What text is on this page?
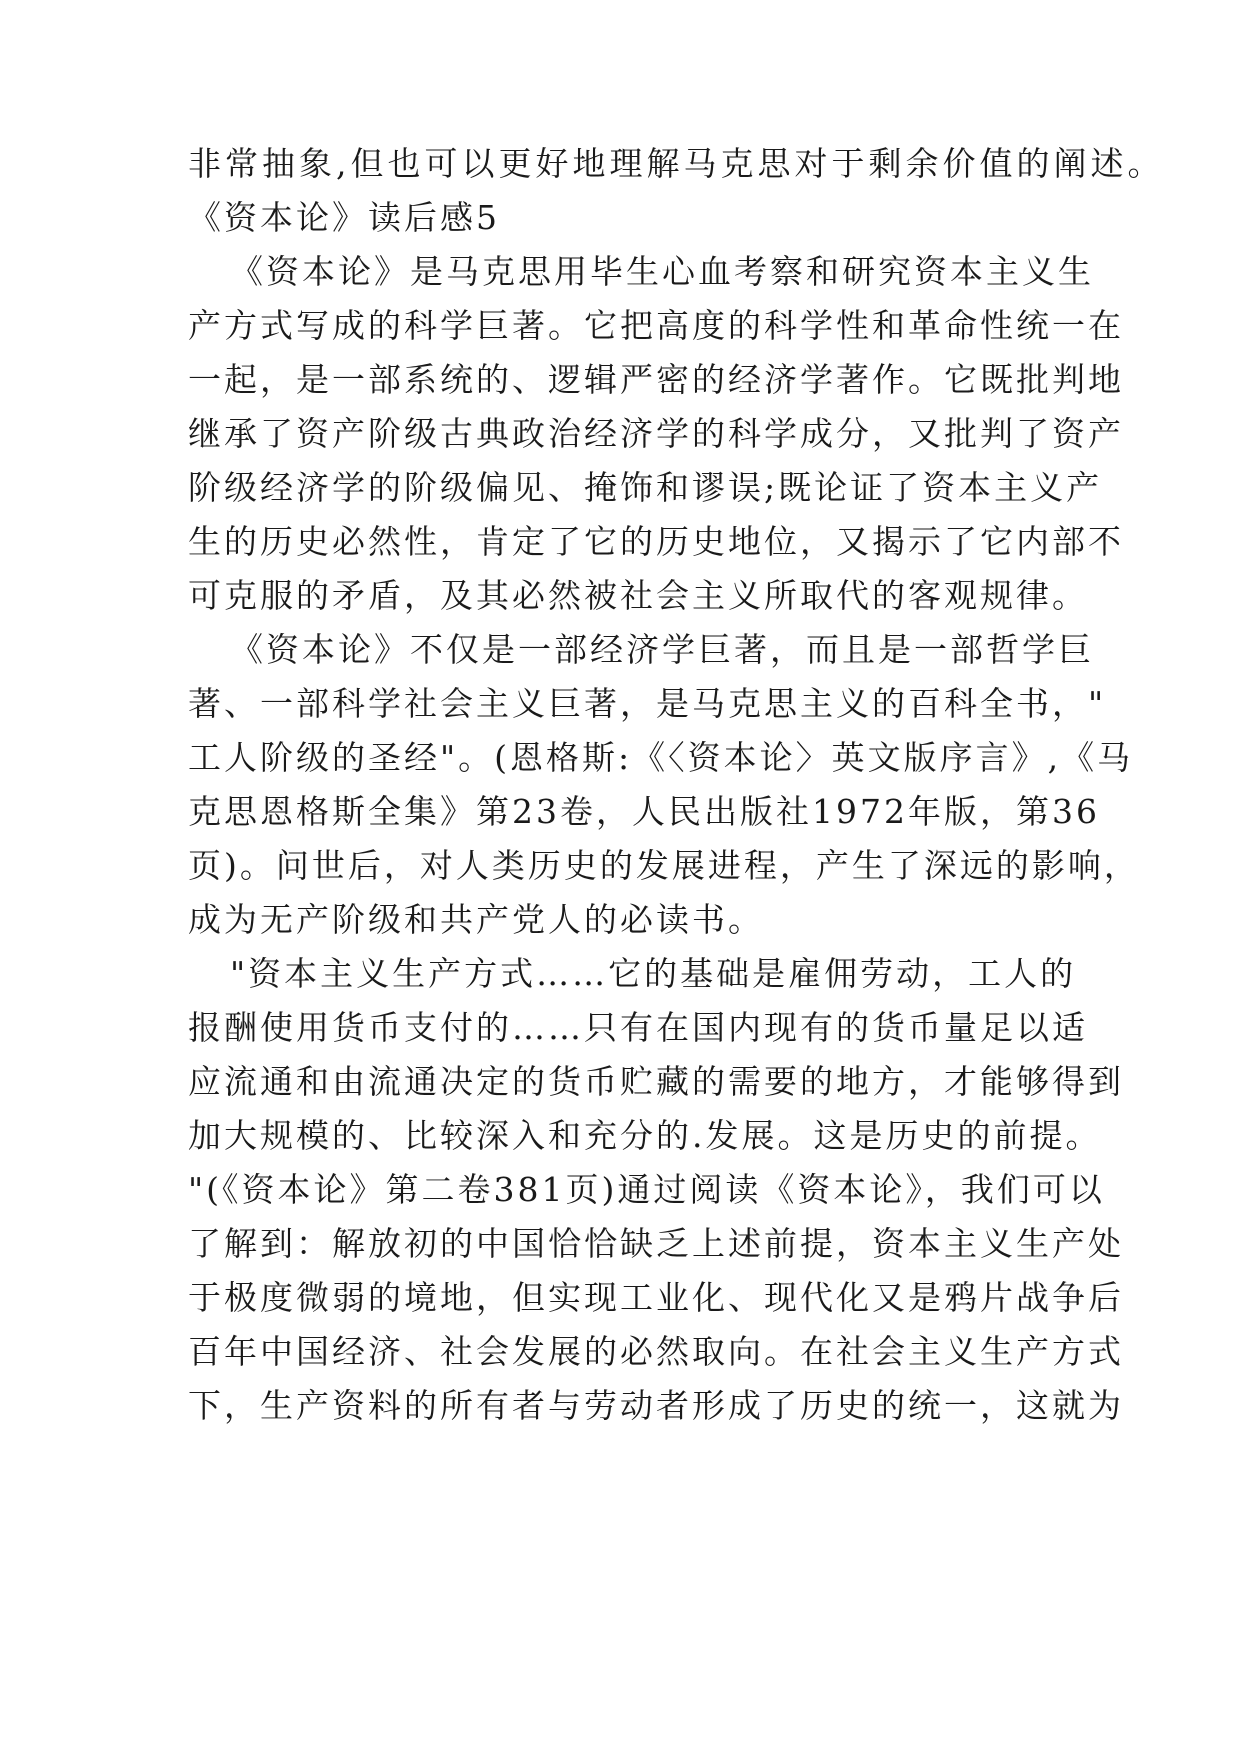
非常抽象,但也可以更好地理解马克思对于剩余价值的阐述。
《资本论》读后感5
《资本论》是马克思用毕生心血考察和研究资本主义生
产方式写成的科学巨著。它把高度的科学性和革命性统一在
一起，是一部系统的、逻辑严密的经济学著作。它既批判地
继承了资产阶级古典政治经济学的科学成分，又批判了资产
阶级经济学的阶级偏见、掩饰和谬误;既论证了资本主义产
生的历史必然性，肯定了它的历史地位，又揭示了它内部不
可克服的矛盾，及其必然被社会主义所取代的客观规律。
《资本论》不仅是一部经济学巨著，而且是一部哲学巨
著、一部科学社会主义巨著，是马克思主义的百科全书，"
工人阶级的圣经"。(恩格斯:《〈资本论〉英文版序言》,《马
克思恩格斯全集》第23卷，人民出版社1972年版，第36
页)。问世后，对人类历史的发展进程，产生了深远的影响，
成为无产阶级和共产党人的必读书。
"资本主义生产方式……它的基础是雇佣劳动，工人的
报酬使用货币支付的……只有在国内现有的货币量足以适
应流通和由流通决定的货币贮藏的需要的地方，才能够得到
加大规模的、比较深入和充分的.发展。这是历史的前提。
"(《资本论》第二卷381页)通过阅读《资本论》，我们可以
了解到：解放初的中国恰恰缺乏上述前提，资本主义生产处
于极度微弱的境地，但实现工业化、现代化又是鸦片战争后
百年中国经济、社会发展的必然取向。在社会主义生产方式
下，生产资料的所有者与劳动者形成了历史的统一，这就为
